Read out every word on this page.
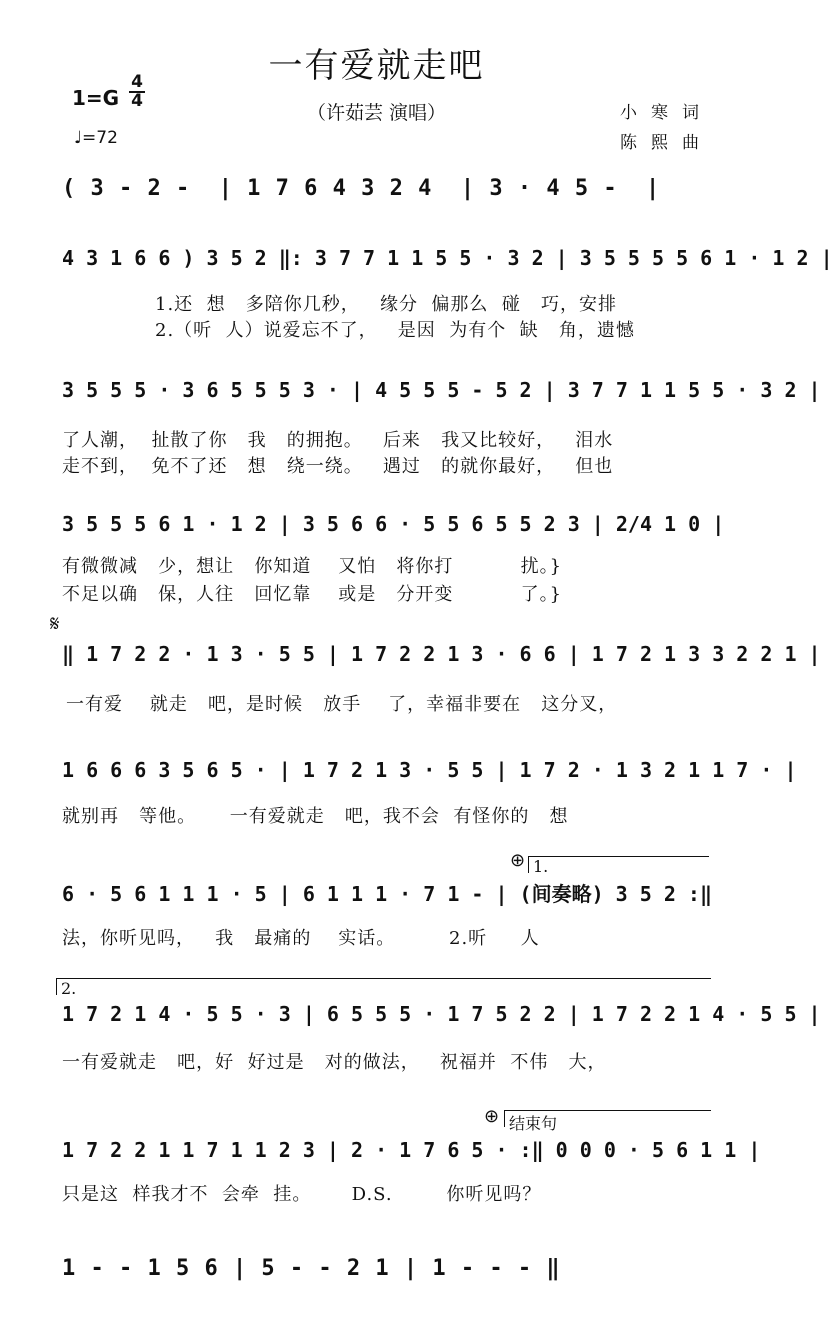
一有爱就走吧
（许茹芸 演唱）
1=G
4
4
♩=72
小寒词
陈熙曲
( 3 - 2 -  | 1 7 6 4 3 2 4  | 3 · 4 5 -  |
4 3 1 6 6 ) 3 5 2 ‖: 3 7 7 1 1 5 5 · 3 2 | 3 5 5 5 5 6 1 · 1 2 |
1.还  想   多陪你几秒，   缘分  偏那么  碰   巧，安排
2.（听  人）说爱忘不了，   是因  为有个  缺   角，遗憾
3 5 5 5 · 3 6 5 5 5 3 · | 4 5 5 5 - 5 2 | 3 7 7 1 1 5 5 · 3 2 |
了人潮，  扯散了你   我   的拥抱。   后来   我又比较好，   泪水
走不到，  免不了还   想   绕一绕。   遇过   的就你最好，   但也
3 5 5 5 6 1 · 1 2 | 3 5 6 6 · 5 5 6 5 5 2 3 | 2/4 1 0 |
有微微减   少，想让   你知道    又怕   将你打          扰。}
不足以确   保，人往   回忆靠    或是   分开变          了。}
𝄋
‖ 1 7 2 2 · 1 3 · 5 5 | 1 7 2 2 1 3 · 6 6 | 1 7 2 1 3 3 2 2 1 |
一有爱    就走   吧，是时候   放手    了，幸福非要在   这分叉，
1 6 6 6 3 5 6 5 · | 1 7 2 1 3 · 5 5 | 1 7 2 · 1 3 2 1 1 7 · |
就别再   等他。     一有爱就走   吧，我不会  有怪你的   想
⊕ 1.
6 · 5 6 1 1 1 · 5 | 6 1 1 1 · 7 1 - | (间奏略) 3 5 2 :‖
法，你听见吗，   我   最痛的    实话。        2.听     人
2.
1 7 2 1 4 · 5 5 · 3 | 6 5 5 5 · 1 7 5 2 2 | 1 7 2 2 1 4 · 5 5 |
一有爱就走   吧，好  好过是   对的做法，   祝福并  不伟   大，
⊕ 结束句
1 7 2 2 1 1 7 1 1 2 3 | 2 · 1 7 6 5 · :‖ 0 0 0 · 5 6 1 1 |
只是这  样我才不  会牵  挂。      D.S.        你听见吗？
1 - - 1 5 6 | 5 - - 2 1 | 1 - - - ‖
